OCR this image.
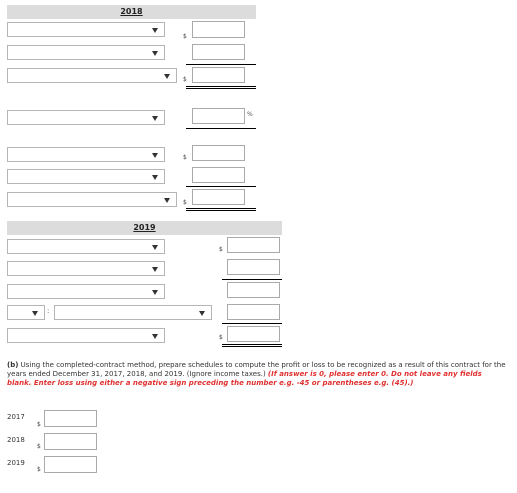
2018
$
$
%
$
$
2019
$
:
$
(b) Using the completed-contract method, prepare schedules to compute the profit or loss to be recognized as a result of this contract for the years ended December 31, 2017, 2018, and 2019. (Ignore income taxes.) (If answer is 0, please enter 0. Do not leave any fields blank. Enter loss using either a negative sign preceding the number e.g. -45 or parentheses e.g. (45).)
2017
$
2018
$
2019
$
